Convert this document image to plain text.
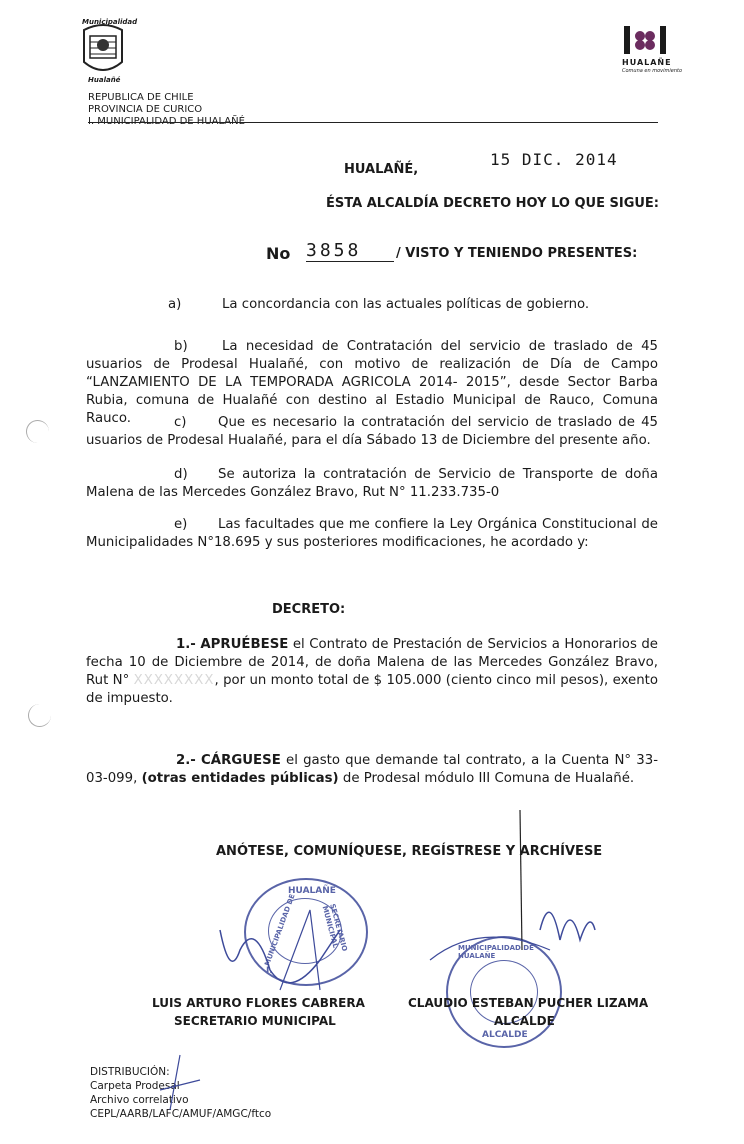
Municipalidad
Hualañé
HUALAÑE
Comuna en movimiento
REPUBLICA DE CHILE
PROVINCIA DE CURICO
I. MUNICIPALIDAD DE HUALAÑÉ
HUALAÑÉ,
15 DIC. 2014
ÉSTA ALCALDÍA DECRETO HOY LO QUE SIGUE:
No 3858	/ VISTO Y TENIENDO PRESENTES:
a)	La concordancia con las actuales políticas de gobierno.
b)	La necesidad de Contratación del servicio de traslado de 45 usuarios de Prodesal Hualañé, con motivo de realización de Día de Campo “LANZAMIENTO DE LA TEMPORADA AGRICOLA 2014- 2015”, desde Sector Barba Rubia, comuna de Hualañé con destino al Estadio Municipal de Rauco, Comuna Rauco.	c) Que es necesario la contratación del servicio de traslado de 45 usuarios de Prodesal Hualañé, para el día Sábado 13 de Diciembre del presente año.
d) Se autoriza la contratación de Servicio de Transporte de doña Malena de las Mercedes González Bravo, Rut N° 11.233.735-0
e) Las facultades que me confiere la Ley Orgánica Constitucional de Municipalidades N°18.695 y sus posteriores modificaciones, he acordado y:
DECRETO:
1.- APRUÉBESE el Contrato de Prestación de Servicios a Honorarios de fecha 10 de Diciembre de 2014, de doña Malena de las Mercedes González Bravo, Rut N° XXXXXXXX, por un monto total de $ 105.000 (ciento cinco mil pesos), exento de impuesto.
2.- CÁRGUESE el gasto que demande tal contrato, a la Cuenta N° 33-03-099, (otras entidades públicas) de Prodesal módulo III Comuna de Hualañé.
ANÓTESE, COMUNÍQUESE, REGÍSTRESE Y ARCHÍVESE
HUALAÑE
MUNICIPALIDAD DE	SECRETARIO MUNICIPAL
I.
MUNICIPALIDAD DE HUALAÑE
ALCALDE
LUIS ARTURO FLORES CABRERA
SECRETARIO MUNICIPAL
CLAUDIO ESTEBAN PUCHER LIZAMA
ALCALDE
DISTRIBUCIÓN:
Carpeta Prodesal
Archivo correlativo
CEPL/AARB/LAFC/AMUF/AMGC/ftco
